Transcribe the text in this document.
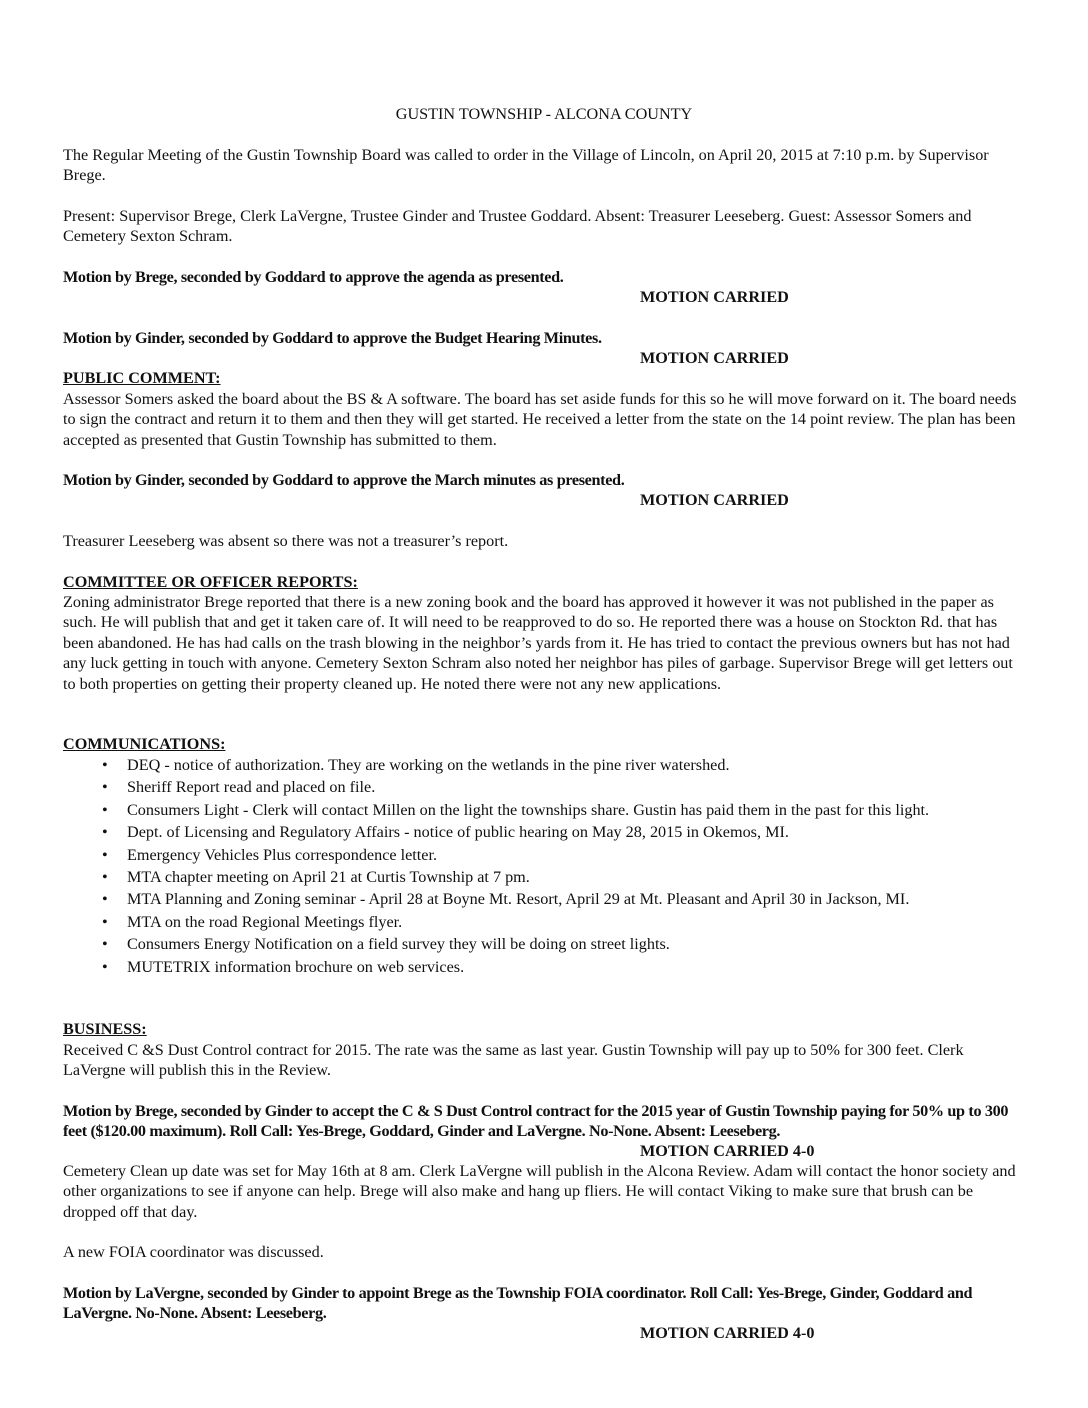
GUSTIN TOWNSHIP - ALCONA COUNTY

The Regular Meeting of the Gustin Township Board was called to order in the Village of Lincoln, on April 20, 2015 at 7:10 p.m. by Supervisor Brege.

Present: Supervisor Brege, Clerk LaVergne, Trustee Ginder and Trustee Goddard. Absent: Treasurer Leeseberg. Guest: Assessor Somers and Cemetery Sexton Schram.

Motion by Brege, seconded by Goddard to approve the agenda as presented.
MOTION CARRIED
Motion by Ginder, seconded by Goddard to approve the Budget Hearing Minutes.
MOTION CARRIED
PUBLIC COMMENT:

Assessor Somers asked the board about the BS & A software. The board has set aside funds for this so he will move forward on it. The board needs to sign the contract and return it to them and then they will get started. He received a letter from the state on the 14 point review. The plan has been accepted as presented that Gustin Township has submitted to them.

Motion by Ginder, seconded by Goddard to approve the March minutes as presented.
MOTION CARRIED

Treasurer Leeseberg was absent so there was not a treasurer’s report.

COMMITTEE OR OFFICER REPORTS:

Zoning administrator Brege reported that there is a new zoning book and the board has approved it however it was not published in the paper as such. He will publish that and get it taken care of. It will need to be reapproved to do so. He reported there was a house on Stockton Rd. that has been abandoned. He has had calls on the trash blowing in the neighbor’s yards from it. He has tried to contact the previous owners but has not had any luck getting in touch with anyone. Cemetery Sexton Schram also noted her neighbor has piles of garbage. Supervisor Brege will get letters out to both properties on getting their property cleaned up. He noted there were not any new applications.

COMMUNICATIONS:
• DEQ - notice of authorization. They are working on the wetlands in the pine river watershed.
• Sheriff Report read and placed on file.
• Consumers Light - Clerk will contact Millen on the light the townships share. Gustin has paid them in the past for this light.
• Dept. of Licensing and Regulatory Affairs - notice of public hearing on May 28, 2015 in Okemos, MI.
• Emergency Vehicles Plus correspondence letter.
• MTA chapter meeting on April 21 at Curtis Township at 7 pm.
• MTA Planning and Zoning seminar - April 28 at Boyne Mt. Resort, April 29 at Mt. Pleasant and April 30 in Jackson, MI.
• MTA on the road Regional Meetings flyer.
• Consumers Energy Notification on a field survey they will be doing on street lights.
• MUTETRIX information brochure on web services.
BUSINESS:

Received C &S Dust Control contract for 2015. The rate was the same as last year. Gustin Township will pay up to 50% for 300 feet. Clerk LaVergne will publish this in the Review.

Motion by Brege, seconded by Ginder to accept the C & S Dust Control contract for the 2015 year of Gustin Township paying for 50% up to 300 feet ($120.00 maximum). Roll Call: Yes-Brege, Goddard, Ginder and LaVergne. No-None. Absent: Leeseberg.
MOTION CARRIED 4-0

Cemetery Clean up date was set for May 16th at 8 am. Clerk LaVergne will publish in the Alcona Review. Adam will contact the honor society and other organizations to see if anyone can help. Brege will also make and hang up fliers. He will contact Viking to make sure that brush can be dropped off that day.

A new FOIA coordinator was discussed.

Motion by LaVergne, seconded by Ginder to appoint Brege as the Township FOIA coordinator. Roll Call: Yes-Brege, Ginder, Goddard and LaVergne. No-None. Absent: Leeseberg.
MOTION CARRIED 4-0
